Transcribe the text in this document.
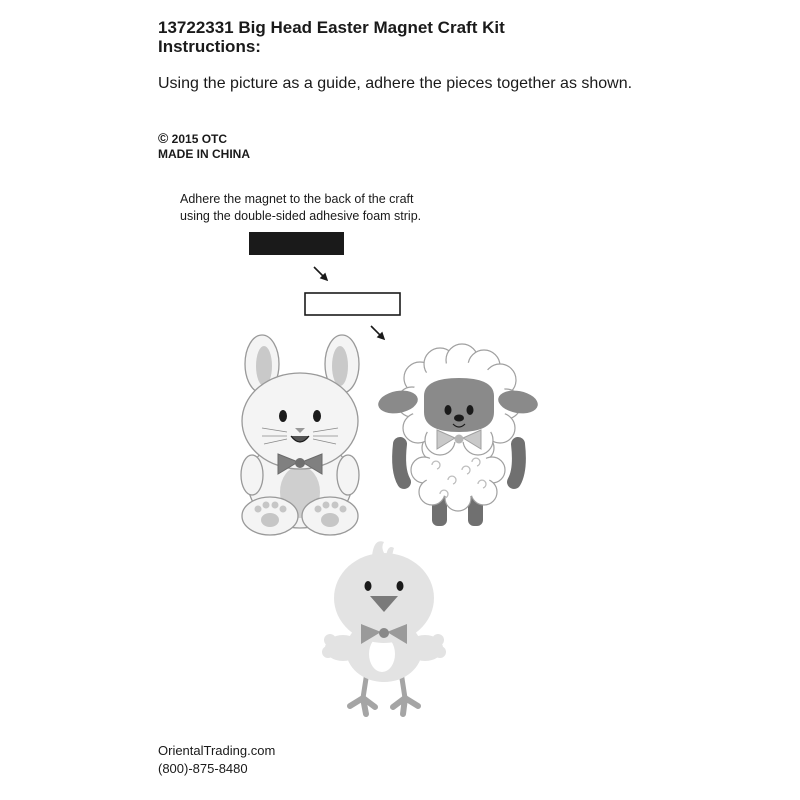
13722331 Big Head Easter Magnet Craft Kit
Instructions:

Using the picture as a guide, adhere the pieces together as shown.

© 2015 OTC
MADE IN CHINA
Adhere the magnet to the back of the craft
using the double-sided adhesive foam strip.
OrientalTrading.com
(800)-875-8480
